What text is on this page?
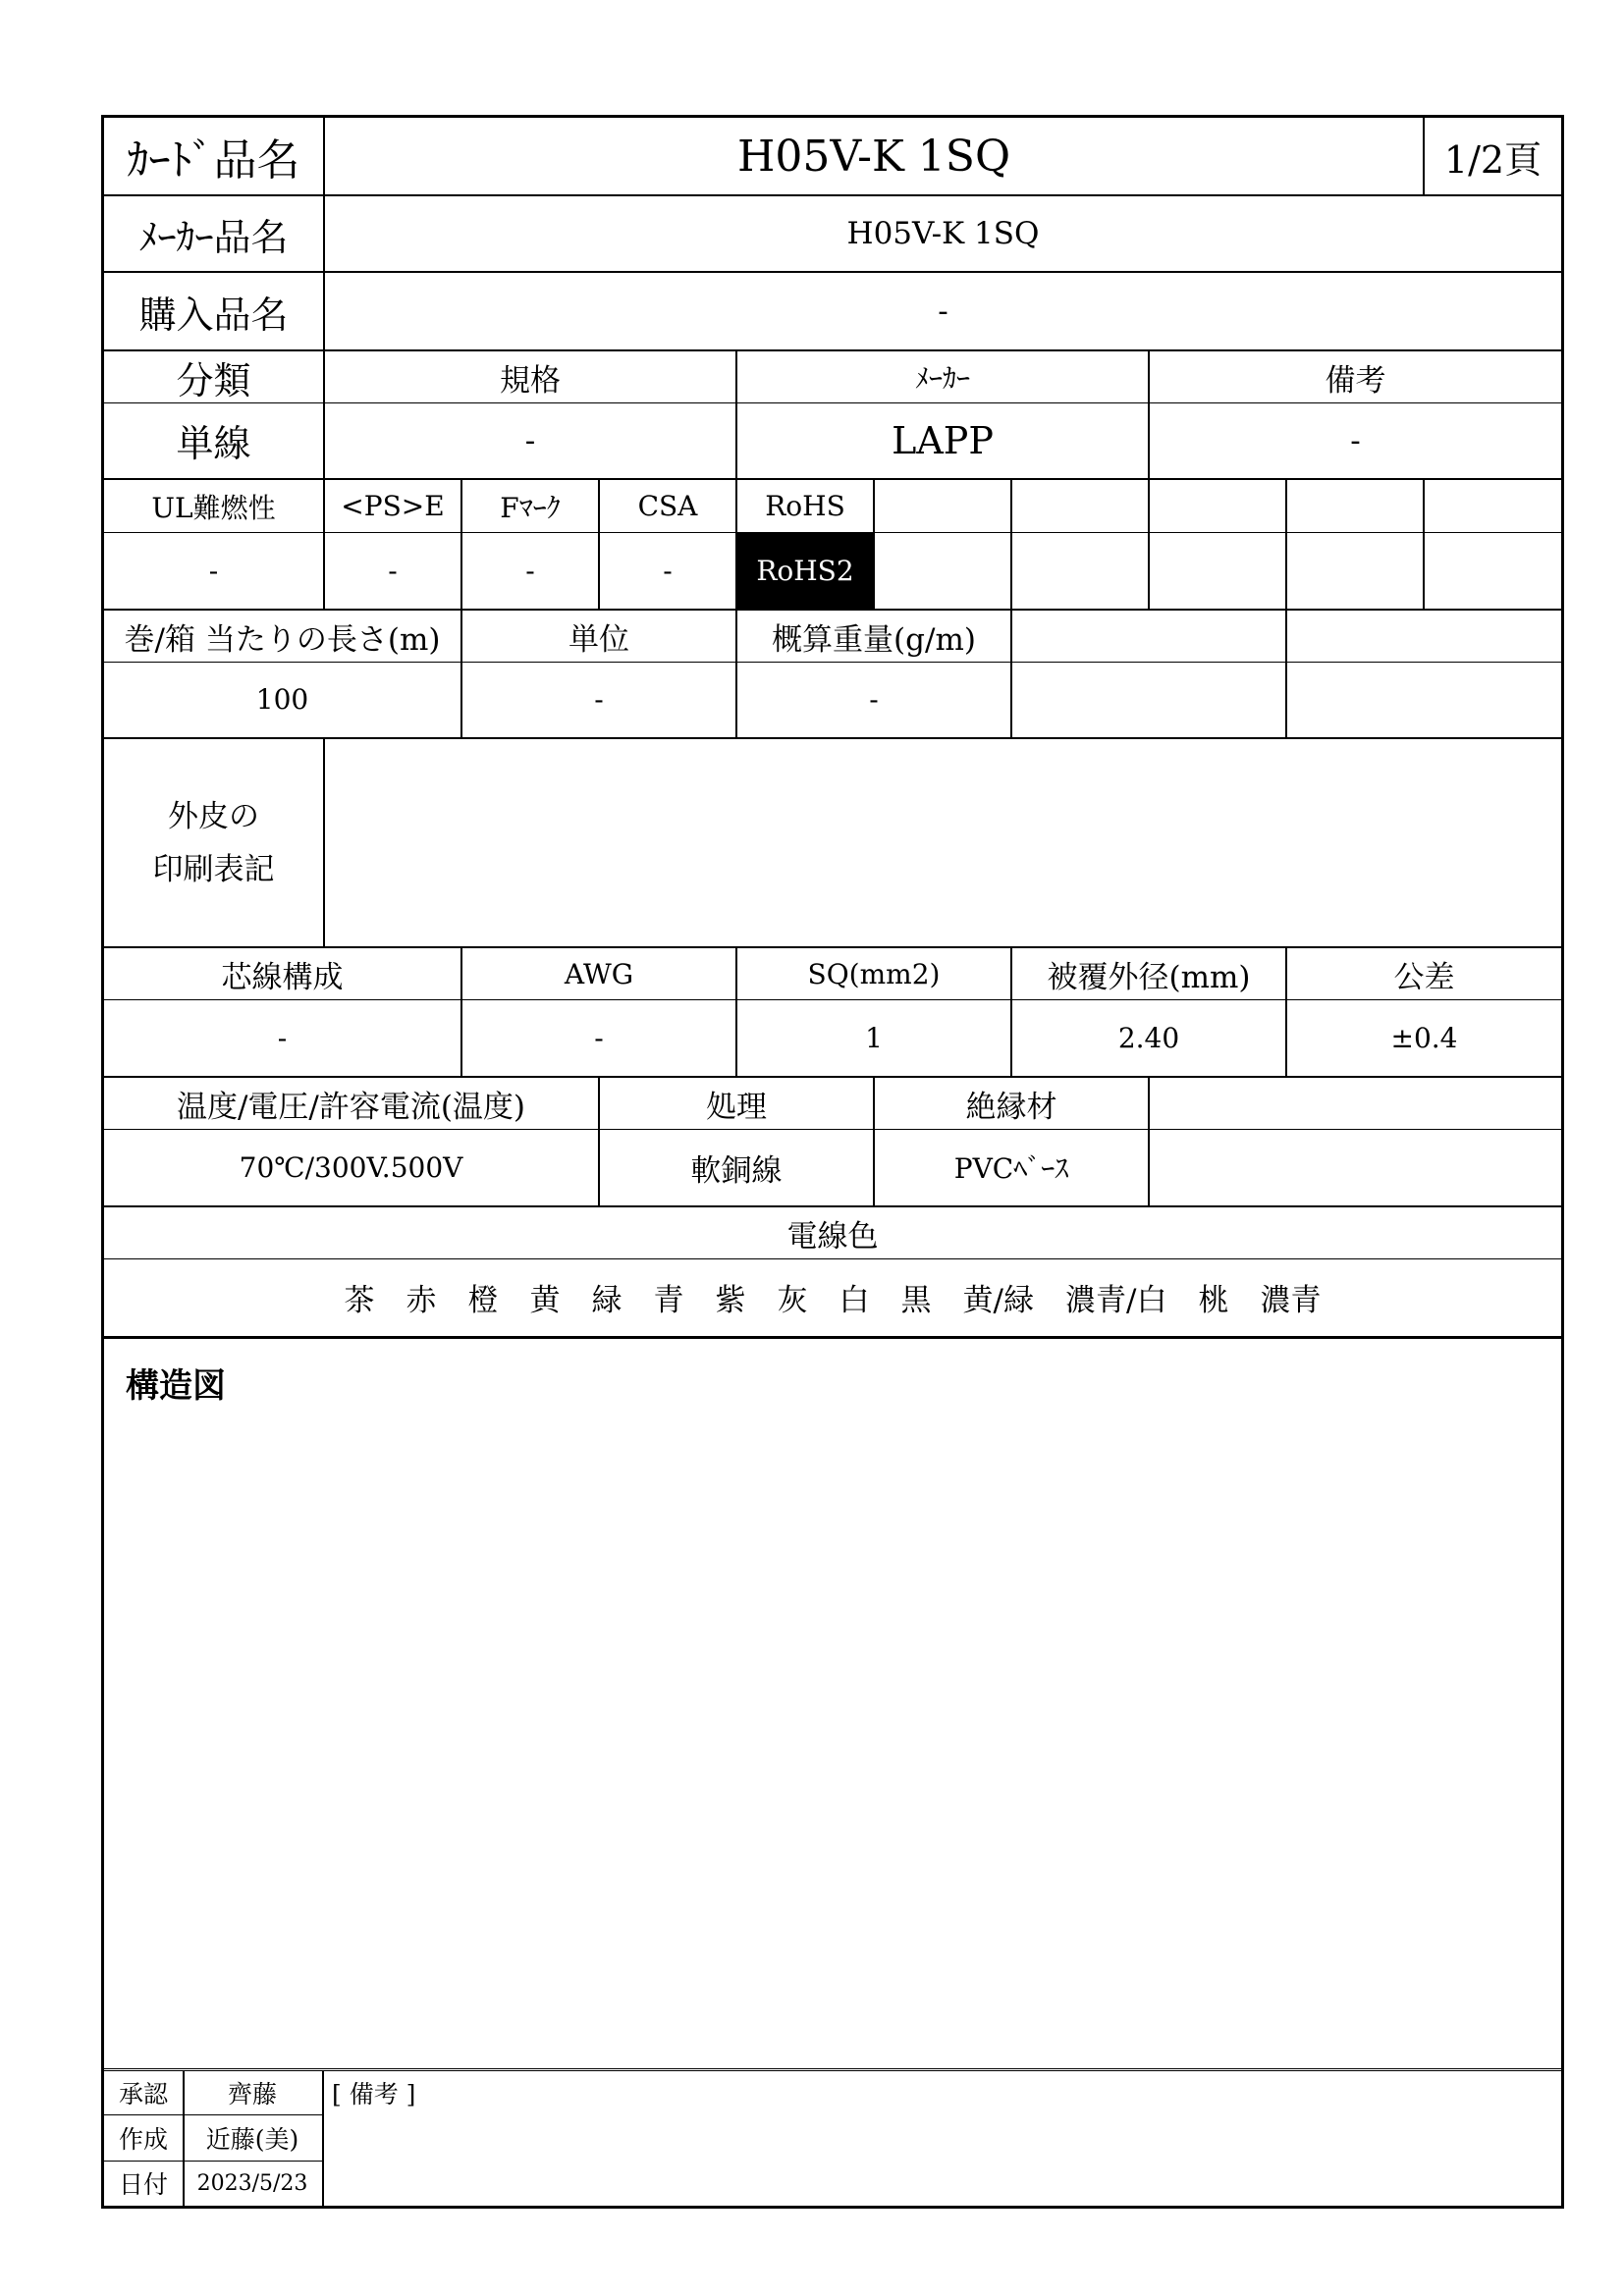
ｶｰﾄﾞ品名	H05V-K 1SQ	1/2頁
ﾒｰｶｰ品名	H05V-K 1SQ
購入品名	-
分類	規格	ﾒｰｶｰ	備考
単線	-	LAPP	-
UL難燃性	<PS>E	Fﾏｰｸ	CSA	RoHS
-	-	-	-	RoHS2
巻/箱 当たりの長さ(m)	単位	概算重量(g/m)
100	-	-
外皮の
印刷表記
芯線構成	AWG	SQ(mm2)	被覆外径(mm)	公差
-	-	1	2.40	±0.4
温度/電圧/許容電流(温度)	処理	絶縁材
70℃/300V.500V	軟銅線	PVCﾍﾞｰｽ
電線色
茶 赤 橙 黄 緑 青 紫 灰 白 黒 黄/緑 濃青/白 桃 濃青
構造図
承認	齊藤
作成	近藤(美)
日付	2023/5/23
[ 備考 ]
